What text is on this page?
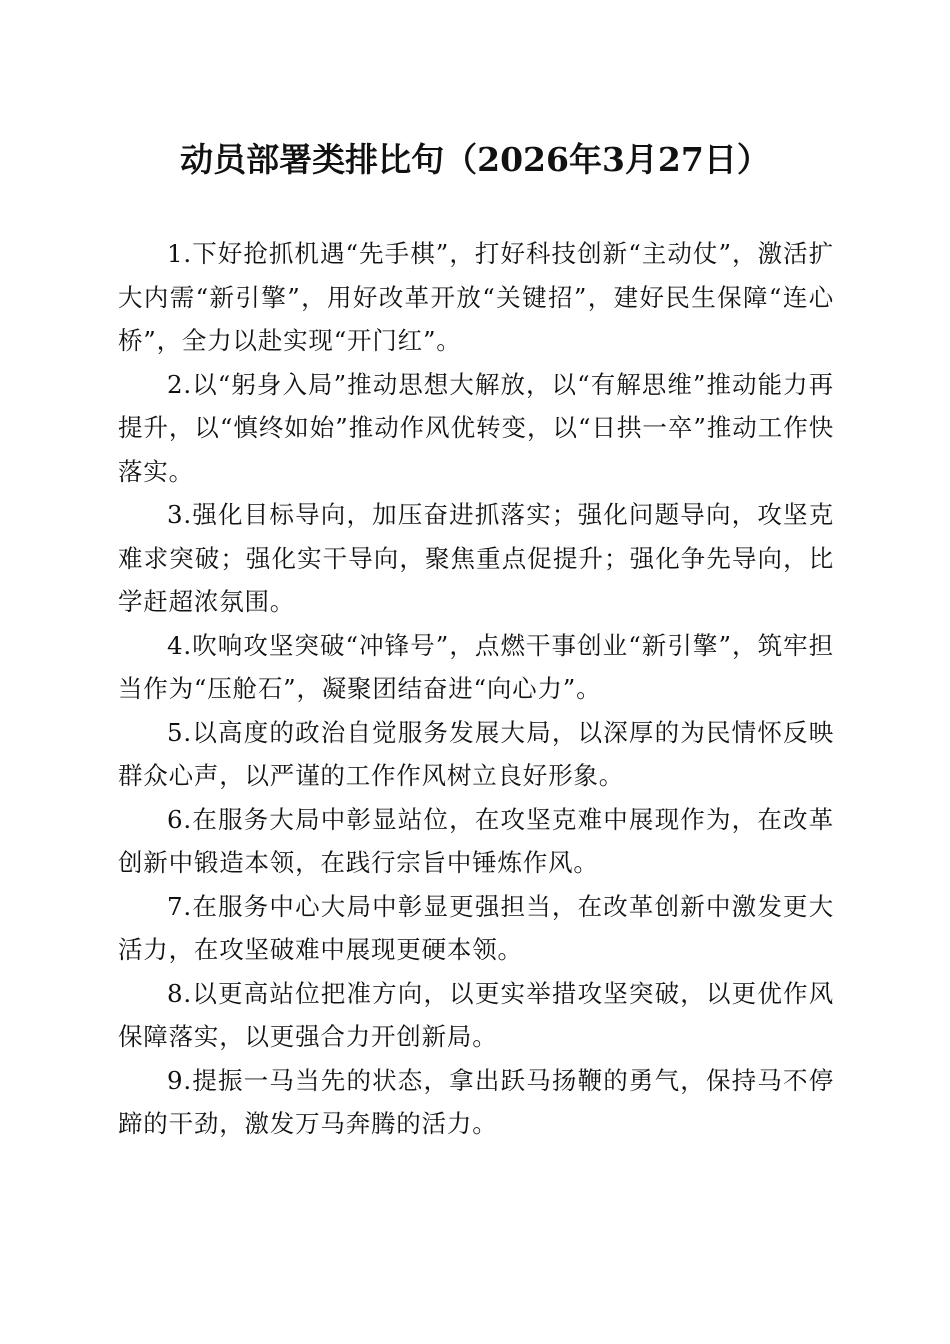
动员部署类排比句（2026年3月27日）

1.下好抢抓机遇“先手棋”，打好科技创新“主动仗”，激活扩大内需“新引擎”，用好改革开放“关键招”，建好民生保障“连心桥”，全力以赴实现“开门红”。

2.以“躬身入局”推动思想大解放，以“有解思维”推动能力再提升，以“慎终如始”推动作风优转变，以“日拱一卒”推动工作快落实。

3.强化目标导向，加压奋进抓落实；强化问题导向，攻坚克难求突破；强化实干导向，聚焦重点促提升；强化争先导向，比学赶超浓氛围。

4.吹响攻坚突破“冲锋号”，点燃干事创业“新引擎”，筑牢担当作为“压舱石”，凝聚团结奋进“向心力”。

5.以高度的政治自觉服务发展大局，以深厚的为民情怀反映群众心声，以严谨的工作作风树立良好形象。

6.在服务大局中彰显站位，在攻坚克难中展现作为，在改革创新中锻造本领，在践行宗旨中锤炼作风。

7.在服务中心大局中彰显更强担当，在改革创新中激发更大活力，在攻坚破难中展现更硬本领。

8.以更高站位把准方向，以更实举措攻坚突破，以更优作风保障落实，以更强合力开创新局。

9.提振一马当先的状态，拿出跃马扬鞭的勇气，保持马不停蹄的干劲，激发万马奔腾的活力。
